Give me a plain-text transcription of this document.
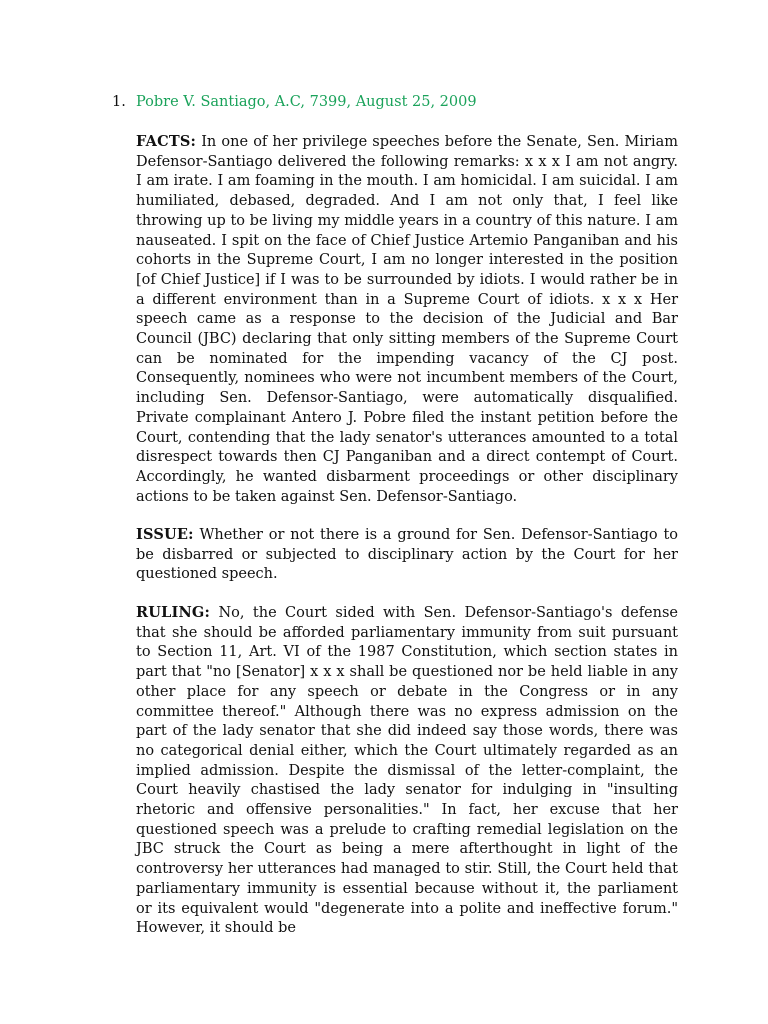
1. Pobre V. Santiago, A.C, 7399, August 25, 2009
FACTS: In one of her privilege speeches before the Senate, Sen. Miriam Defensor-Santiago delivered the following remarks: x x x I am not angry. I am irate. I am foaming in the mouth. I am homicidal. I am suicidal. I am humiliated, debased, degraded. And I am not only that, I feel like throwing up to be living my middle years in a country of this nature. I am nauseated. I spit on the face of Chief Justice Artemio Panganiban and his cohorts in the Supreme Court, I am no longer interested in the position [of Chief Justice] if I was to be surrounded by idiots. I would rather be in a different environment than in a Supreme Court of idiots. x x x Her speech came as a response to the decision of the Judicial and Bar Council (JBC) declaring that only sitting members of the Supreme Court can be nominated for the impending vacancy of the CJ post. Consequently, nominees who were not incumbent members of the Court, including Sen. Defensor-Santiago, were automatically disqualified. Private complainant Antero J. Pobre filed the instant petition before the Court, contending that the lady senator's utterances amounted to a total disrespect towards then CJ Panganiban and a direct contempt of Court. Accordingly, he wanted disbarment proceedings or other disciplinary actions to be taken against Sen. Defensor-Santiago.
ISSUE: Whether or not there is a ground for Sen. Defensor-Santiago to be disbarred or subjected to disciplinary action by the Court for her questioned speech.
RULING: No, the Court sided with Sen. Defensor-Santiago's defense that she should be afforded parliamentary immunity from suit pursuant to Section 11, Art. VI of the 1987 Constitution, which section states in part that "no [Senator] x x x shall be questioned nor be held liable in any other place for any speech or debate in the Congress or in any committee thereof." Although there was no express admission on the part of the lady senator that she did indeed say those words, there was no categorical denial either, which the Court ultimately regarded as an implied admission. Despite the dismissal of the letter-complaint, the Court heavily chastised the lady senator for indulging in "insulting rhetoric and offensive personalities." In fact, her excuse that her questioned speech was a prelude to crafting remedial legislation on the JBC struck the Court as being a mere afterthought in light of the controversy her utterances had managed to stir. Still, the Court held that parliamentary immunity is essential because without it, the parliament or its equivalent would "degenerate into a polite and ineffective forum." However, it should be
